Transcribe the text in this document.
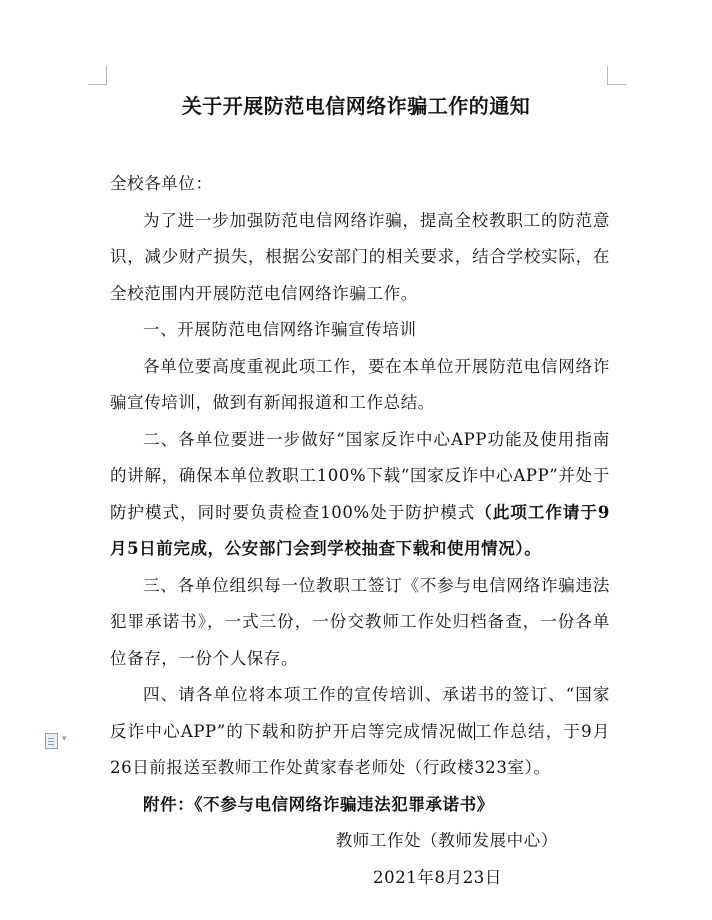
关于开展防范电信网络诈骗工作的通知

全校各单位：

为了进一步加强防范电信网络诈骗，提高全校教职工的防范意识，减少财产损失，根据公安部门的相关要求，结合学校实际，在全校范围内开展防范电信网络诈骗工作。

一、开展防范电信网络诈骗宣传培训

各单位要高度重视此项工作，要在本单位开展防范电信网络诈骗宣传培训，做到有新闻报道和工作总结。

二、各单位要进一步做好“国家反诈中心APP功能及使用指南的讲解，确保本单位教职工100%下载“国家反诈中心APP”并处于防护模式，同时要负责检查100%处于防护模式（此项工作请于9月5日前完成，公安部门会到学校抽查下载和使用情况）。

三、各单位组织每一位教职工签订《不参与电信网络诈骗违法犯罪承诺书》，一式三份，一份交教师工作处归档备查，一份各单位备存，一份个人保存。

四、请各单位将本项工作的宣传培训、承诺书的签订、“国家反诈中心APP”的下载和防护开启等完成情况做工作总结，于9月26日前报送至教师工作处黄家春老师处（行政楼323室）。

附件：《不参与电信网络诈骗违法犯罪承诺书》

教师工作处（教师发展中心）

2021年8月23日

▾
